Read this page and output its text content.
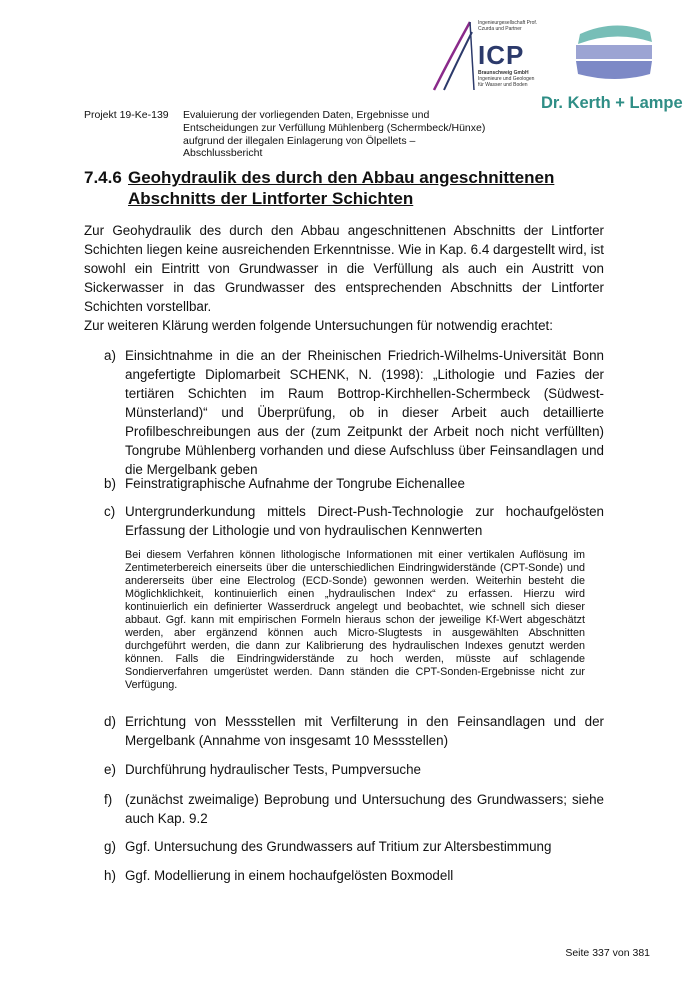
Projekt 19-Ke-139 Evaluierung der vorliegenden Daten, Ergebnisse und Entscheidungen zur Verfüllung Mühlenberg (Schermbeck/Hünxe) aufgrund der illegalen Einlagerung von Ölpellets – Abschlussbericht
Ingenieurgesellschaft Prof. Czurda und Partner
ICP
Braunschweig GmbH
Ingenieure und Geologen für Wasser und Boden
Dr. Kerth + Lampe
7.4.6 Geohydraulik des durch den Abbau angeschnittenen Abschnitts der Lintforter Schichten
Zur Geohydraulik des durch den Abbau angeschnittenen Abschnitts der Lintforter Schichten liegen keine ausreichenden Erkenntnisse. Wie in Kap. 6.4 dargestellt wird, ist sowohl ein Eintritt von Grundwasser in die Verfüllung als auch ein Austritt von Sickerwasser in das Grundwasser des entsprechenden Abschnitts der Lintforter Schichten vorstellbar.
Zur weiteren Klärung werden folgende Untersuchungen für notwendig erachtet:
a) Einsichtnahme in die an der Rheinischen Friedrich-Wilhelms-Universität Bonn angefertigte Diplomarbeit SCHENK, N. (1998): „Lithologie und Fazies der tertiären Schichten im Raum Bottrop-Kirchhellen-Schermbeck (Südwest-Münsterland)“ und Überprüfung, ob in dieser Arbeit auch detaillierte Profilbeschreibungen aus der (zum Zeitpunkt der Arbeit noch nicht verfüllten) Tongrube Mühlenberg vorhanden und diese Aufschluss über Feinsandlagen und die Mergelbank geben
b) Feinstratigraphische Aufnahme der Tongrube Eichenallee
c) Untergrunderkundung mittels Direct-Push-Technologie zur hochaufgelösten Erfassung der Lithologie und von hydraulischen Kennwerten
d) Errichtung von Messstellen mit Verfilterung in den Feinsandlagen und der Mergelbank (Annahme von insgesamt 10 Messstellen)
e) Durchführung hydraulischer Tests, Pumpversuche
f) (zunächst zweimalige) Beprobung und Untersuchung des Grundwassers; siehe auch Kap. 9.2
g) Ggf. Untersuchung des Grundwassers auf Tritium zur Altersbestimmung
h) Ggf. Modellierung in einem hochaufgelösten Boxmodell
Bei diesem Verfahren können lithologische Informationen mit einer vertikalen Auflösung im Zentimeterbereich einerseits über die unterschiedlichen Eindringwiderstände (CPT-Sonde) und andererseits über eine Electrolog (ECD-Sonde) gewonnen werden. Weiterhin besteht die Möglichklichkeit, kontinuierlich einen „hydraulischen Index“ zu erfassen. Hierzu wird kontinuierlich ein definierter Wasserdruck angelegt und beobachtet, wie schnell sich dieser abbaut. Ggf. kann mit empirischen Formeln hieraus schon der jeweilige Kf-Wert abgeschätzt werden, aber ergänzend können auch Micro-Slugtests in ausgewählten Abschnitten durchgeführt werden, die dann zur Kalibrierung des hydraulischen Indexes genutzt werden können. Falls die Eindringwiderstände zu hoch werden, müsste auf schlagende Sondierverfahren umgerüstet werden. Dann ständen die CPT-Sonden-Ergebnisse nicht zur Verfügung.
Seite 337 von 381
